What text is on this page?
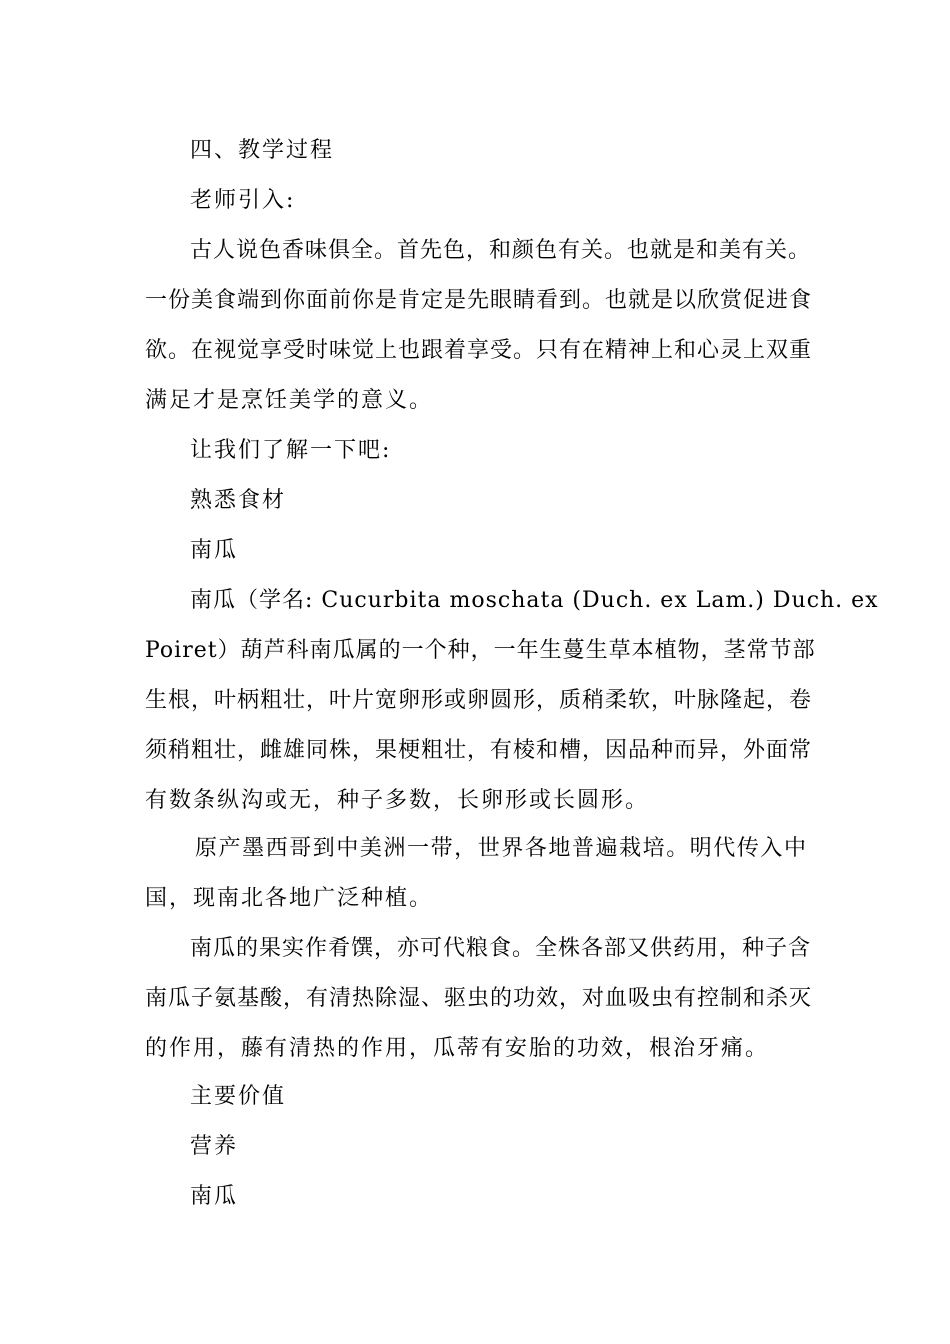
四、教学过程
老师引入:
古人说色香味俱全。首先色，和颜色有关。也就是和美有关。
一份美食端到你面前你是肯定是先眼睛看到。也就是以欣赏促进食
欲。在视觉享受时味觉上也跟着享受。只有在精神上和心灵上双重
满足才是烹饪美学的意义。
让我们了解一下吧:
熟悉食材
南瓜
南瓜（学名: Cucurbita moschata (Duch. ex Lam.) Duch. ex
Poiret）葫芦科南瓜属的一个种，一年生蔓生草本植物，茎常节部
生根，叶柄粗壮，叶片宽卵形或卵圆形，质稍柔软，叶脉隆起，卷
须稍粗壮，雌雄同株，果梗粗壮，有棱和槽，因品种而异，外面常
有数条纵沟或无，种子多数，长卵形或长圆形。
原产墨西哥到中美洲一带，世界各地普遍栽培。明代传入中
国，现南北各地广泛种植。
南瓜的果实作肴馔，亦可代粮食。全株各部又供药用，种子含
南瓜子氨基酸，有清热除湿、驱虫的功效，对血吸虫有控制和杀灭
的作用，藤有清热的作用，瓜蒂有安胎的功效，根治牙痛。
主要价值
营养
南瓜
